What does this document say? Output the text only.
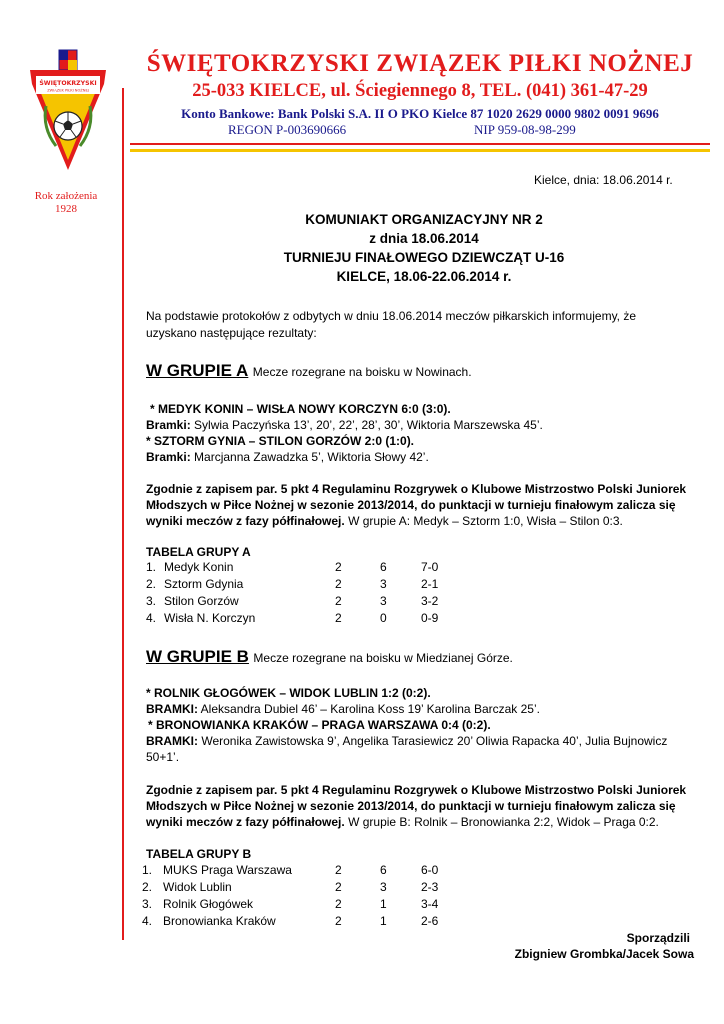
ŚWIĘTOKRZYSKI
ZWIĄZEK PIŁKI NOŻNEJ
Rok założenia
1928
ŚWIĘTOKRZYSKI ZWIĄZEK PIŁKI NOŻNEJ
25-033 KIELCE, ul. Ściegiennego 8, TEL. (041) 361-47-29
Konto Bankowe: Bank Polski S.A. II O PKO Kielce 87 1020 2629 0000 9802 0091 9696
REGON P-003690666	NIP 959-08-98-299
Kielce, dnia: 18.06.2014 r.
KOMUNIAKT ORGANIZACYJNY NR 2
z dnia 18.06.2014
TURNIEJU FINAŁOWEGO DZIEWCZĄT U-16
KIELCE, 18.06-22.06.2014 r.
Na podstawie protokołów z odbytych w dniu 18.06.2014 meczów piłkarskich informujemy, że
uzyskano następujące rezultaty:
W GRUPIE A Mecze rozegrane na boisku w Nowinach.
* MEDYK KONIN – WISŁA NOWY KORCZYN 6:0 (3:0).
Bramki: Sylwia Paczyńska 13’, 20’, 22’, 28’, 30’, Wiktoria Marszewska 45’.
* SZTORM GYNIA – STILON GORZÓW 2:0 (1:0).
Bramki: Marcjanna Zawadzka 5’, Wiktoria Słowy 42’.
Zgodnie z zapisem par. 5 pkt 4 Regulaminu Rozgrywek o Klubowe Mistrzostwo Polski Juniorek
Młodszych w Piłce Nożnej w sezonie 2013/2014, do punktacji w turnieju finałowym zalicza się
wyniki meczów z fazy półfinałowej. W grupie A: Medyk – Sztorm 1:0, Wisła – Stilon 0:3.
TABELA GRUPY A
1. Medyk Konin	2	6	7-0
2. Sztorm Gdynia	2	3	2-1
3. Stilon Gorzów	2	3	3-2
4. Wisła N. Korczyn	2	0	0-9
W GRUPIE B Mecze rozegrane na boisku w Miedzianej Górze.
* ROLNIK GŁOGÓWEK – WIDOK LUBLIN 1:2 (0:2).
BRAMKI: Aleksandra Dubiel 46’ – Karolina Koss 19’ Karolina Barczak 25’.
* BRONOWIANKA KRAKÓW – PRAGA WARSZAWA 0:4 (0:2).
BRAMKI: Weronika Zawistowska 9’, Angelika Tarasiewicz 20’ Oliwia Rapacka 40’, Julia Bujnowicz
50+1’.
Zgodnie z zapisem par. 5 pkt 4 Regulaminu Rozgrywek o Klubowe Mistrzostwo Polski Juniorek
Młodszych w Piłce Nożnej w sezonie 2013/2014, do punktacji w turnieju finałowym zalicza się
wyniki meczów z fazy półfinałowej. W grupie B: Rolnik – Bronowianka 2:2, Widok – Praga 0:2.
TABELA GRUPY B
1. MUKS Praga Warszawa	2	6	6-0
2. Widok Lublin	2	3	2-3
3. Rolnik Głogówek	2	1	3-4
4. Bronowianka Kraków	2	1	2-6
Sporządzili
Zbigniew Grombka/Jacek Sowa
